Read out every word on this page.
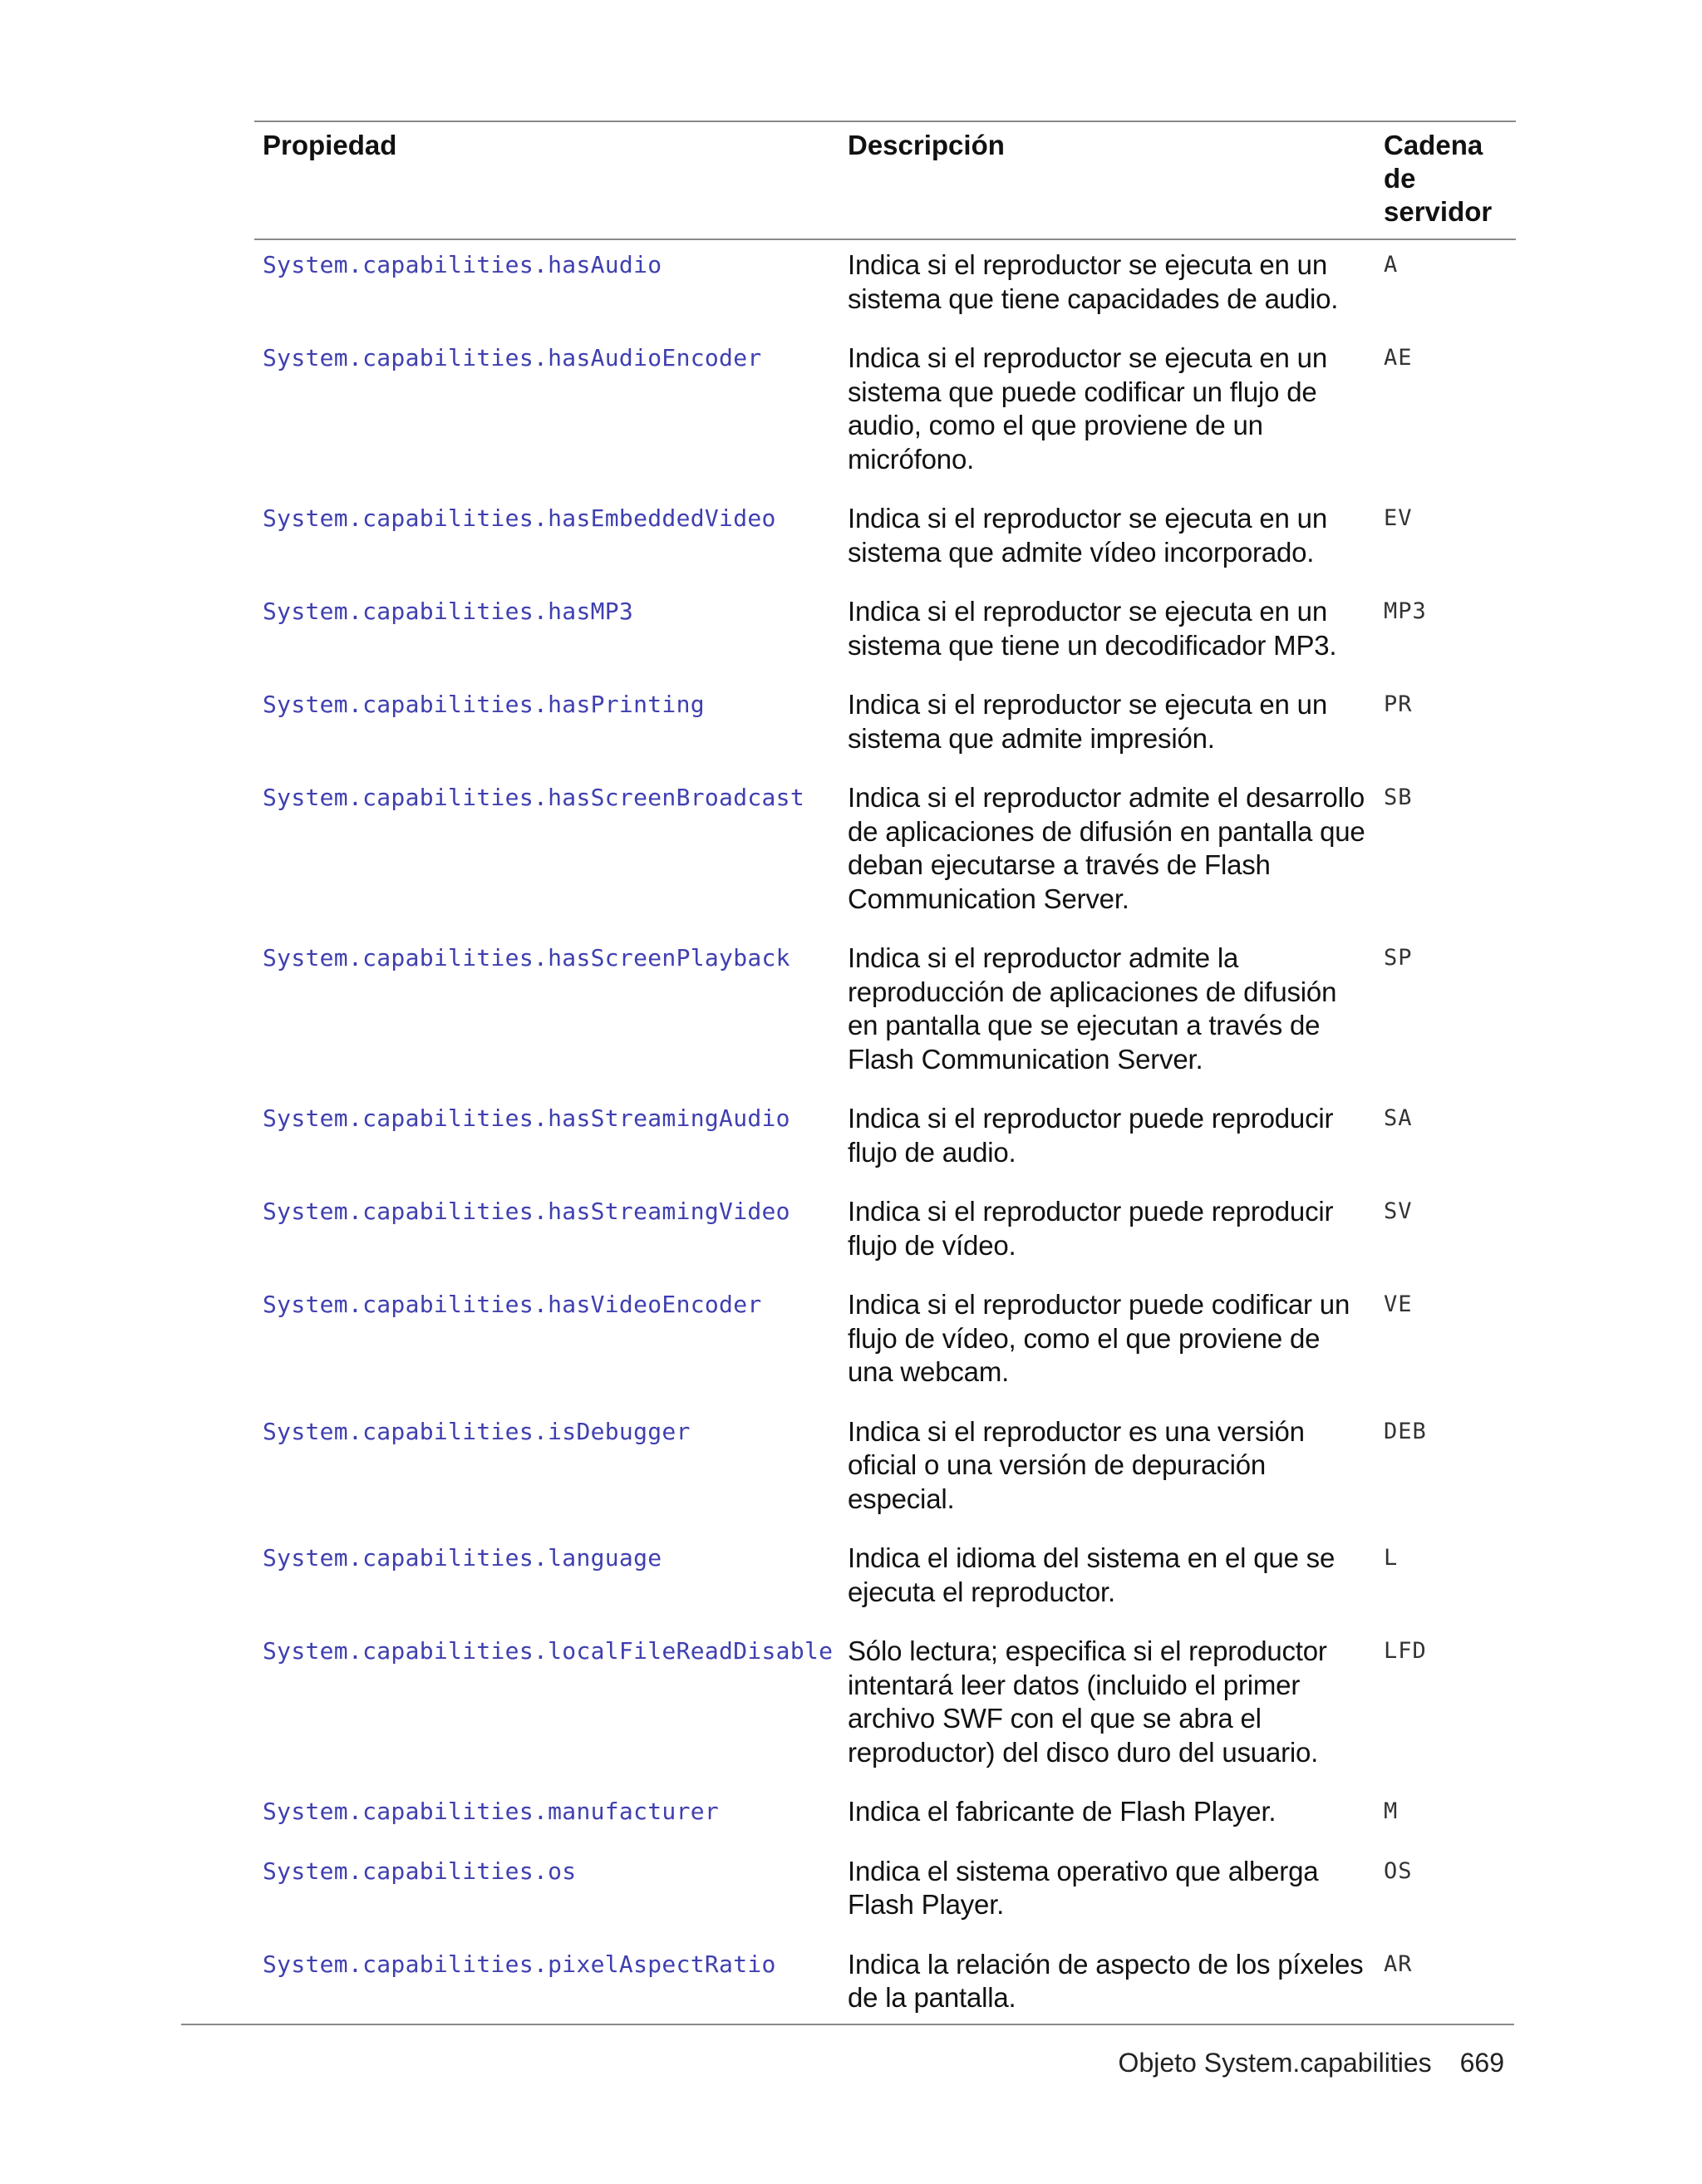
Propiedad	Descripción	Cadena de servidor
System.capabilities.hasAudio	Indica si el reproductor se ejecuta en un sistema que tiene capacidades de audio.	A
System.capabilities.hasAudioEncoder	Indica si el reproductor se ejecuta en un sistema que puede codificar un flujo de audio, como el que proviene de un micrófono.	AE
System.capabilities.hasEmbeddedVideo	Indica si el reproductor se ejecuta en un sistema que admite vídeo incorporado.	EV
System.capabilities.hasMP3	Indica si el reproductor se ejecuta en un sistema que tiene un decodificador MP3.	MP3
System.capabilities.hasPrinting	Indica si el reproductor se ejecuta en un sistema que admite impresión.	PR
System.capabilities.hasScreenBroadcast	Indica si el reproductor admite el desarrollo de aplicaciones de difusión en pantalla que deban ejecutarse a través de Flash Communication Server.	SB
System.capabilities.hasScreenPlayback	Indica si el reproductor admite la reproducción de aplicaciones de difusión en pantalla que se ejecutan a través de Flash Communication Server.	SP
System.capabilities.hasStreamingAudio	Indica si el reproductor puede reproducir flujo de audio.	SA
System.capabilities.hasStreamingVideo	Indica si el reproductor puede reproducir flujo de vídeo.	SV
System.capabilities.hasVideoEncoder	Indica si el reproductor puede codificar un flujo de vídeo, como el que proviene de una webcam.	VE
System.capabilities.isDebugger	Indica si el reproductor es una versión oficial o una versión de depuración especial.	DEB
System.capabilities.language	Indica el idioma del sistema en el que se ejecuta el reproductor.	L
System.capabilities.localFileReadDisable	Sólo lectura; especifica si el reproductor intentará leer datos (incluido el primer archivo SWF con el que se abra el reproductor) del disco duro del usuario.	LFD
System.capabilities.manufacturer	Indica el fabricante de Flash Player.	M
System.capabilities.os	Indica el sistema operativo que alberga Flash Player.	OS
System.capabilities.pixelAspectRatio	Indica la relación de aspecto de los píxeles de la pantalla.	AR
Objeto System.capabilities 669
